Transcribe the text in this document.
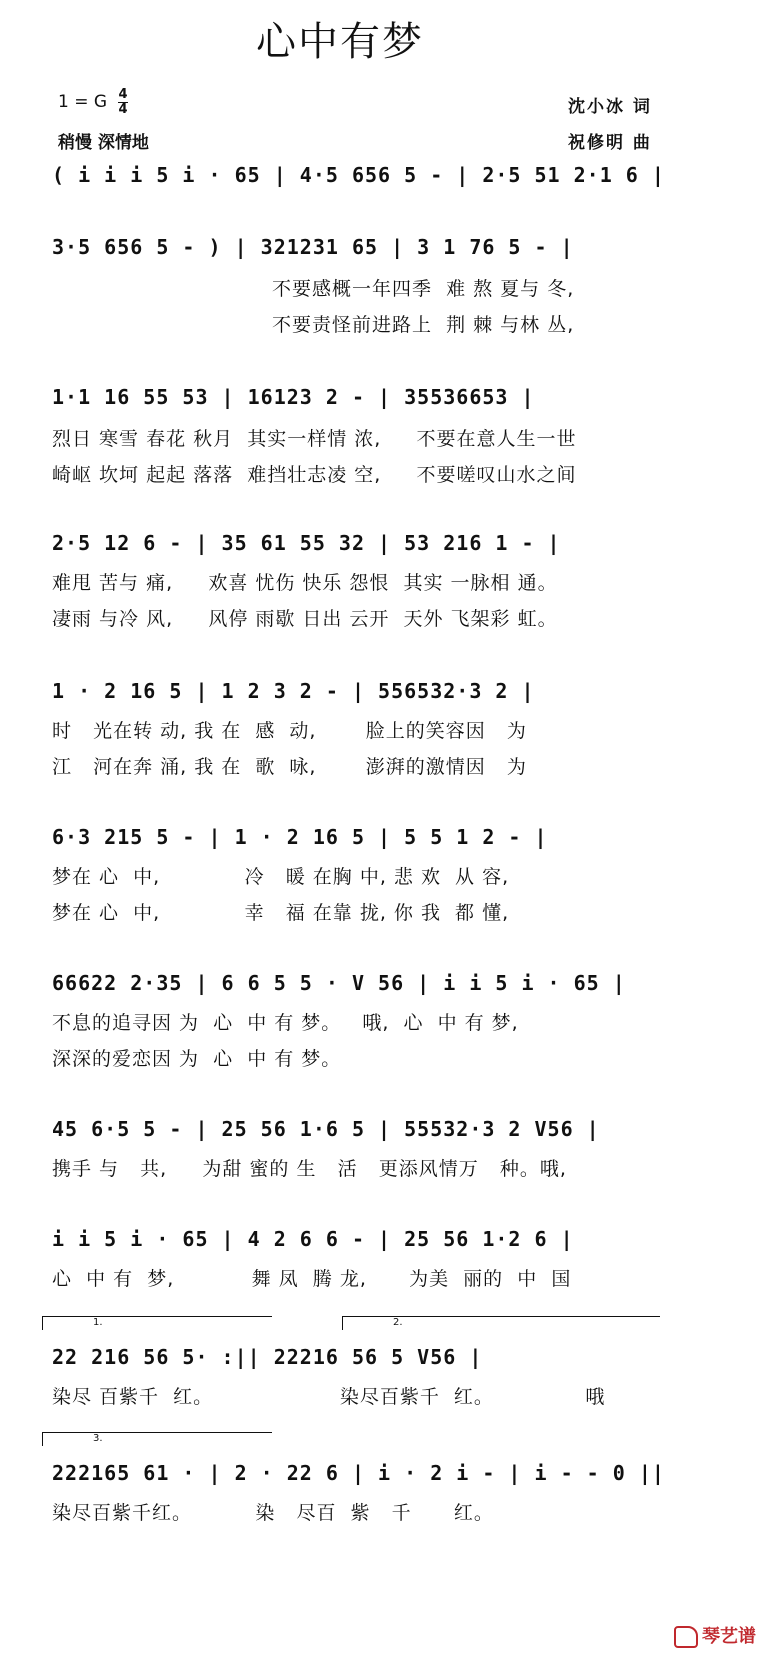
心中有梦
1 = G 4
4
稍慢 深情地
沈小冰 词
祝修明 曲
( i i i 5 i · 65 | 4·5 656 5 - | 2·5 51 2·1 6 |
3·5 656 5 - ) | 321231 65 | 3 1 76 5 - |
不要感概一年四季  难 熬 夏与 冬,
不要责怪前进路上  荆 棘 与林 丛,
1·1 16 55 53 | 16123 2 - | 35536653 |
烈日 寒雪 春花 秋月  其实一样情 浓,     不要在意人生一世
崎岖 坎坷 起起 落落  难挡壮志凌 空,     不要嗟叹山水之间
2·5 12 6 - | 35 61 55 32 | 53 216 1 - |
难甩 苦与 痛,     欢喜 忧伤 快乐 怨恨  其实 一脉相 通。
凄雨 与冷 风,     风停 雨歇 日出 云开  天外 飞架彩 虹。
1 · 2 16 5 | 1 2 3 2 - | 556532·3 2 |
时   光在转 动, 我 在  感  动,       脸上的笑容因   为
江   河在奔 涌, 我 在  歌  咏,       澎湃的激情因   为
6·3 215 5 - | 1 · 2 16 5 | 5 5 1 2 - |
梦在 心  中,            冷   暖 在胸 中, 悲 欢  从 容,
梦在 心  中,            幸   福 在靠 拢, 你 我  都 懂,
66622 2·35 | 6 6 5 5 · V 56 | i i 5 i · 65 |
不息的追寻因 为  心  中 有 梦。   哦,  心  中 有 梦,
深深的爱恋因 为  心  中 有 梦。
45 6·5 5 - | 25 56 1·6 5 | 55532·3 2 V56 |
携手 与   共,     为甜 蜜的 生   活   更添风情万   种。哦,
i i 5 i · 65 | 4 2 6 6 - | 25 56 1·2 6 |
心  中 有  梦,           舞 凤  腾 龙,      为美  丽的  中  国
1.	2.
22 216 56 5· :|| 22216 56 5 V56 |
染尽 百紫千  红。                  染尽百紫千  红。             哦
3.
222165 61 · | 2 · 22 6 | i · 2 i - | i - - 0 ||
染尽百紫千红。         染   尽百  紫   千      红。
琴艺谱
